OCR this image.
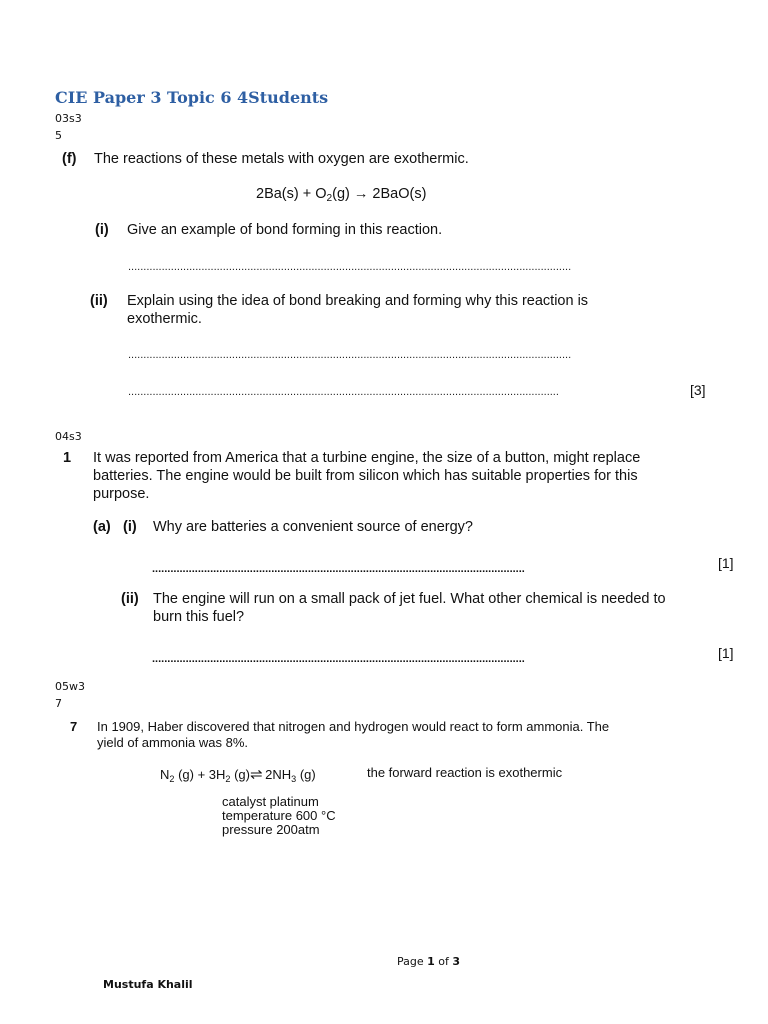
CIE Paper 3 Topic 6 4Students
03s3
5
(f) The reactions of these metals with oxygen are exothermic.
$2Ba(s) + O_2(g) \to 2BaO(s)$
(i) Give an example of bond forming in this reaction.
.................................................................................................................................................
(ii) Explain using the idea of bond breaking and forming why this reaction is
exothermic.
.................................................................................................................................................
.............................................................................................................................................	[3]
04s3
1 It was reported from America that a turbine engine, the size of a button, might replace
batteries. The engine would be built from silicon which has suitable properties for this
purpose.
(a) (i) Why are batteries a convenient source of energy?
..........................................................................................................................	[1]
(ii) The engine will run on a small pack of jet fuel. What other chemical is needed to
burn this fuel?
..........................................................................................................................	[1]
05w3
7
7 In 1909, Haber discovered that nitrogen and hydrogen would react to form ammonia. The
yield of ammonia was 8%.
$N_2$ $(g) + 3H_2$ (g)⇌ $2NH_3$ (g)	the forward reaction is exothermic
catalyst platinum
temperature 600 °C
pressure 200atm
Page 1 of 3
Mustufa Khalil
